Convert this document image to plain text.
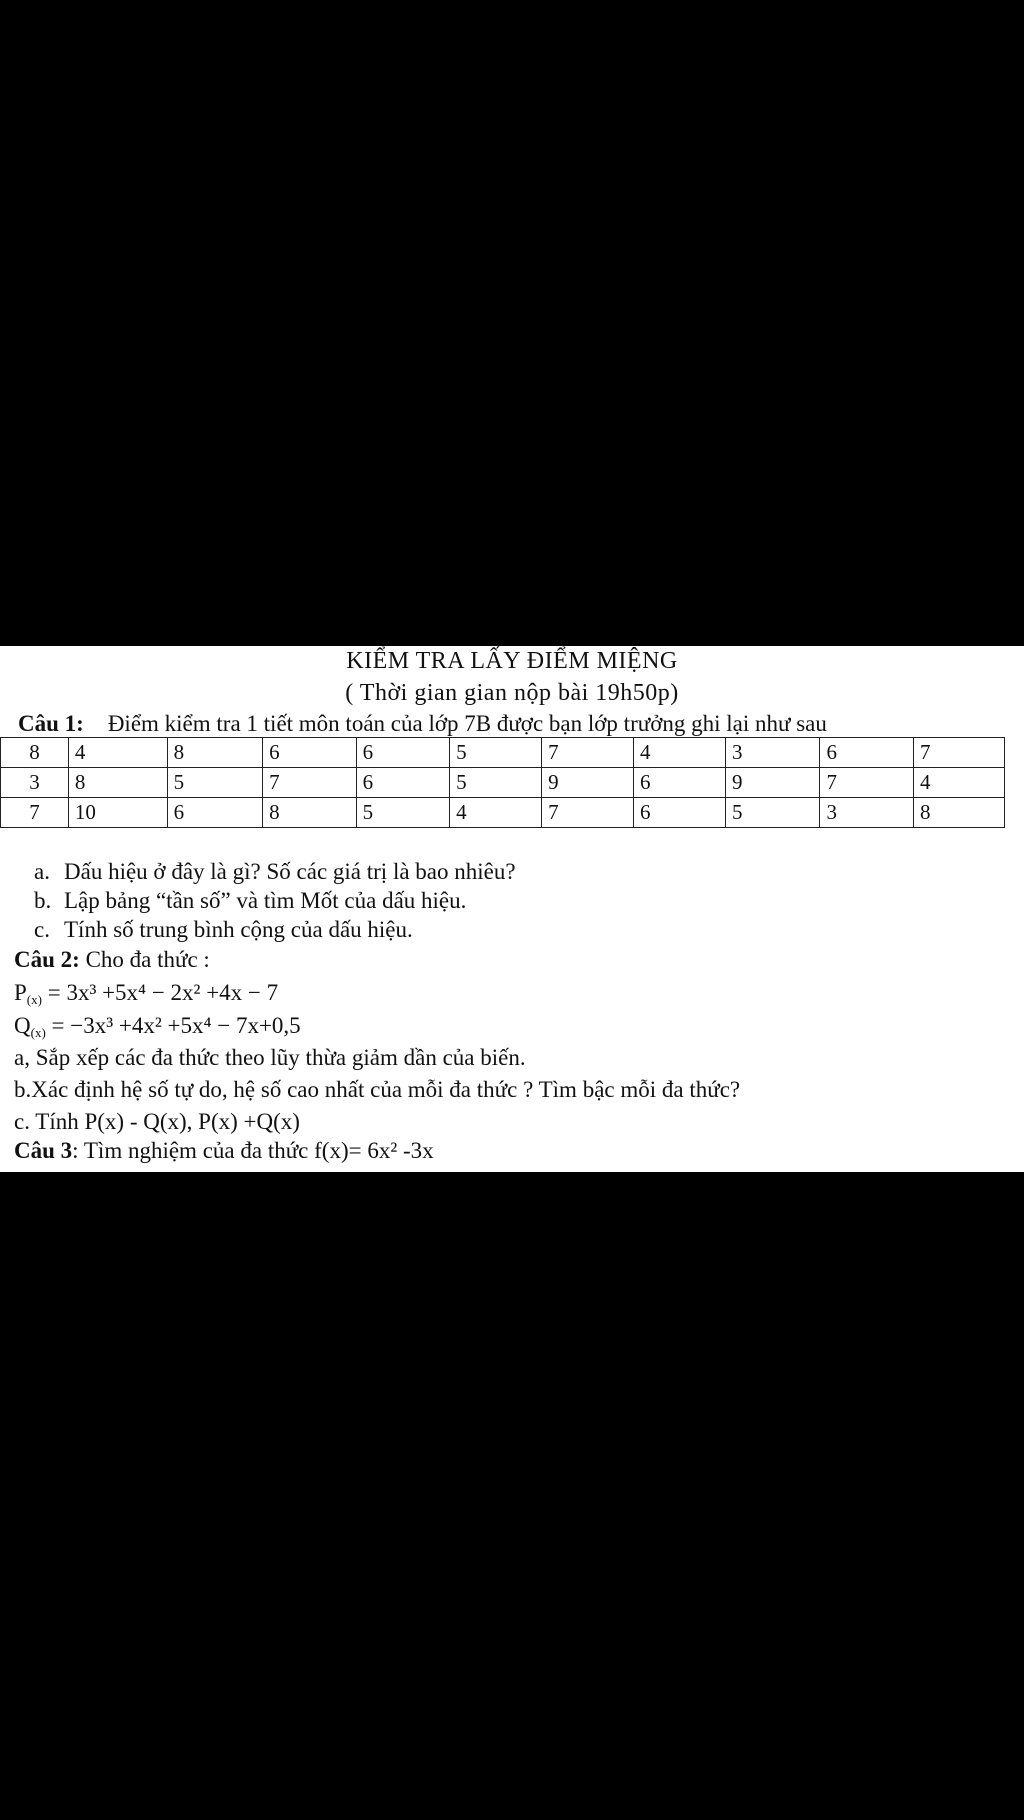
KIỂM TRA LẤY ĐIỂM MIỆNG
( Thời gian gian nộp bài 19h50p)
Câu 1: Điểm kiểm tra 1 tiết môn toán của lớp 7B được bạn lớp trưởng ghi lại như sau
8	4	8	6	6	5	7	4	3	6	7
3	8	5	7	6	5	9	6	9	7	4
7	10	6	8	5	4	7	6	5	3	8
a. Dấu hiệu ở đây là gì? Số các giá trị là bao nhiêu?
b. Lập bảng “tần số” và tìm Mốt của dấu hiệu.
c. Tính số trung bình cộng của dấu hiệu.
Câu 2: Cho đa thức :
$P_{(x)} = 3x^3 +5x^4 - 2x^2 +4x - 7$
$Q_{(x)} = -3x^3 +4x^2 +5x^4 - 7x+0,5$
a, Sắp xếp các đa thức theo lũy thừa giảm dần của biến.
b.Xác định hệ số tự do, hệ số cao nhất của mỗi đa thức ? Tìm bậc mỗi đa thức?
c. Tính P(x) - Q(x), P(x) +Q(x)
Câu 3: Tìm nghiệm của đa thức f(x)= 6x² -3x
